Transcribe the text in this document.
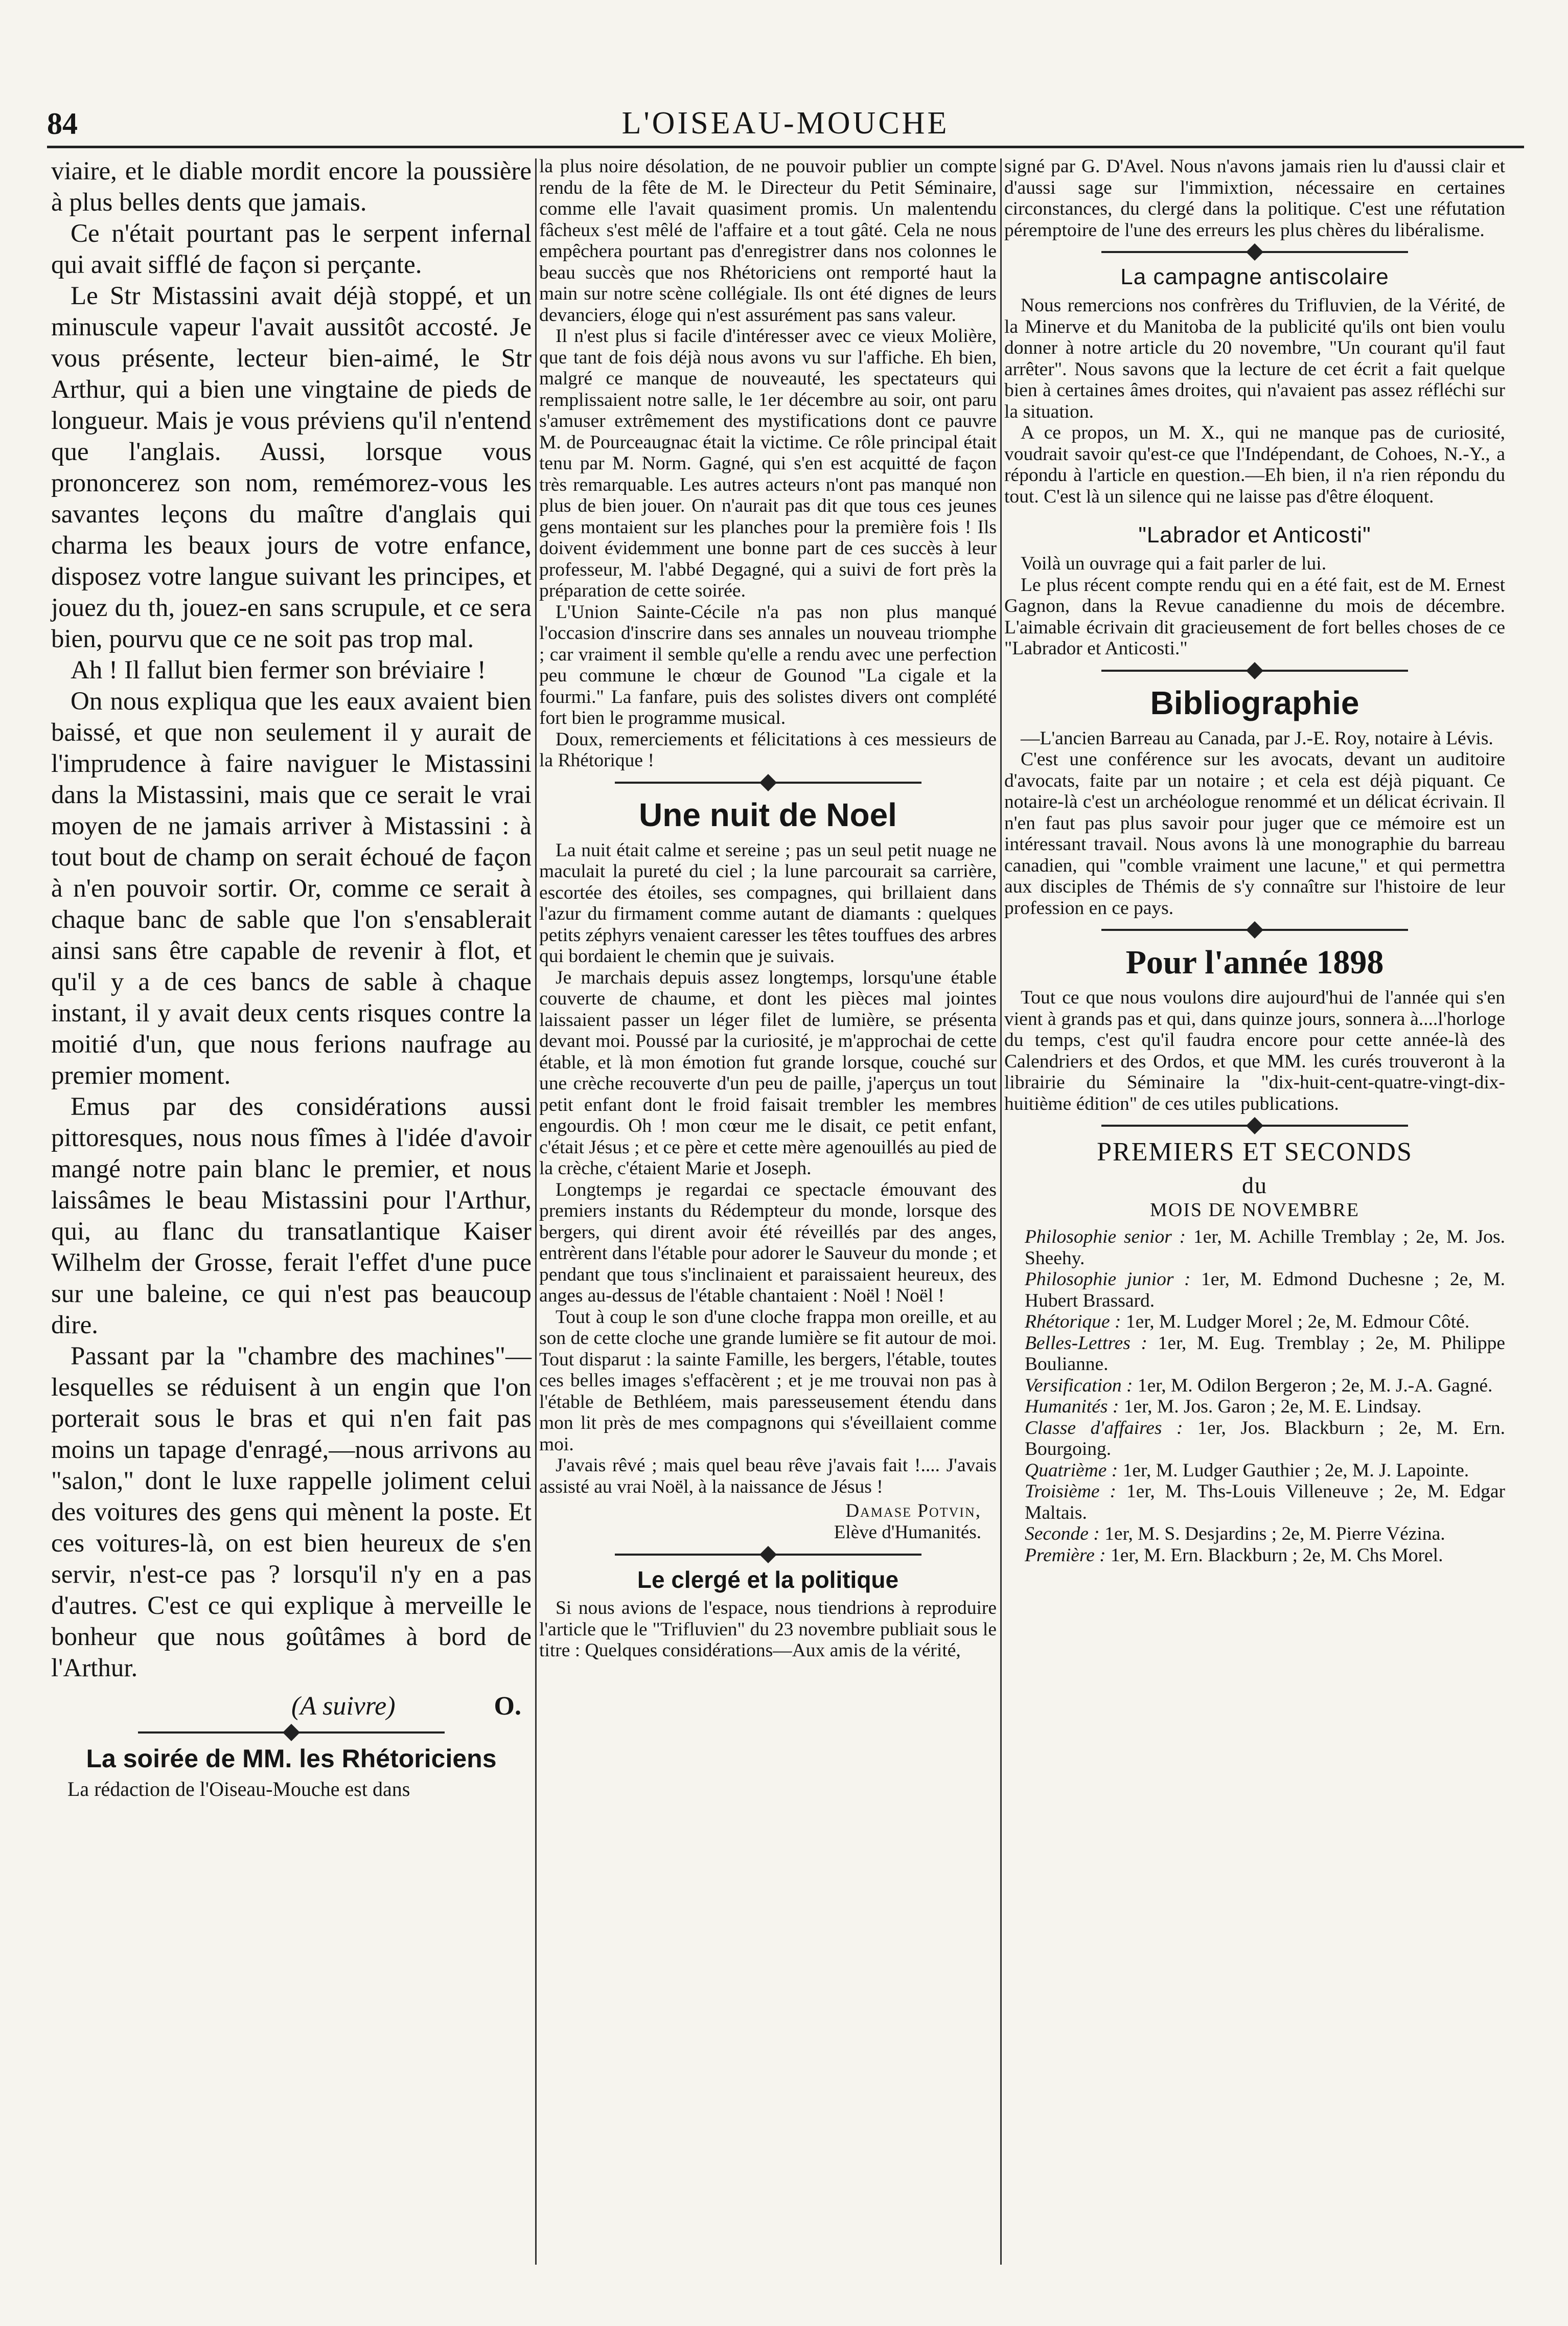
84	L'OISEAU-MOUCHE

viaire, et le diable mordit encore la poussière à plus belles dents que jamais.

Ce n'était pourtant pas le serpent infernal qui avait sifflé de façon si perçante.

Le Str Mistassini avait déjà stoppé, et un minuscule vapeur l'avait aussitôt accosté. Je vous présente, lecteur bien-aimé, le Str Arthur, qui a bien une vingtaine de pieds de longueur. Mais je vous préviens qu'il n'entend que l'anglais. Aussi, lorsque vous prononcerez son nom, remémorez-vous les savantes leçons du maître d'anglais qui charma les beaux jours de votre enfance, disposez votre langue suivant les principes, et jouez du th, jouez-en sans scrupule, et ce sera bien, pourvu que ce ne soit pas trop mal.

Ah ! Il fallut bien fermer son bréviaire !

On nous expliqua que les eaux avaient bien baissé, et que non seulement il y aurait de l'imprudence à faire naviguer le Mistassini dans la Mistassini, mais que ce serait le vrai moyen de ne jamais arriver à Mistassini : à tout bout de champ on serait échoué de façon à n'en pouvoir sortir. Or, comme ce serait à chaque banc de sable que l'on s'ensablerait ainsi sans être capable de revenir à flot, et qu'il y a de ces bancs de sable à chaque instant, il y avait deux cents risques contre la moitié d'un, que nous ferions naufrage au premier moment.

Emus par des considérations aussi pittoresques, nous nous fîmes à l'idée d'avoir mangé notre pain blanc le premier, et nous laissâmes le beau Mistassini pour l'Arthur, qui, au flanc du transatlantique Kaiser Wilhelm der Grosse, ferait l'effet d'une puce sur une baleine, ce qui n'est pas beaucoup dire.

Passant par la "chambre des machines"—lesquelles se réduisent à un engin que l'on porterait sous le bras et qui n'en fait pas moins un tapage d'enragé,—nous arrivons au "salon," dont le luxe rappelle joliment celui des voitures des gens qui mènent la poste. Et ces voitures-là, on est bien heureux de s'en servir, n'est-ce pas ? lorsqu'il n'y en a pas d'autres. C'est ce qui explique à merveille le bonheur que nous goûtâmes à bord de l'Arthur.

(A suivre)	O.
La soirée de MM. les Rhétoriciens

La rédaction de l'Oiseau-Mouche est dans

la plus noire désolation, de ne pouvoir publier un compte rendu de la fête de M. le Directeur du Petit Séminaire, comme elle l'avait quasiment promis. Un malentendu fâcheux s'est mêlé de l'affaire et a tout gâté. Cela ne nous empêchera pourtant pas d'enregistrer dans nos colonnes le beau succès que nos Rhétoriciens ont remporté haut la main sur notre scène collégiale. Ils ont été dignes de leurs devanciers, éloge qui n'est assurément pas sans valeur.

Il n'est plus si facile d'intéresser avec ce vieux Molière, que tant de fois déjà nous avons vu sur l'affiche. Eh bien, malgré ce manque de nouveauté, les spectateurs qui remplissaient notre salle, le 1er décembre au soir, ont paru s'amuser extrêmement des mystifications dont ce pauvre M. de Pourceaugnac était la victime. Ce rôle principal était tenu par M. Norm. Gagné, qui s'en est acquitté de façon très remarquable. Les autres acteurs n'ont pas manqué non plus de bien jouer. On n'aurait pas dit que tous ces jeunes gens montaient sur les planches pour la première fois ! Ils doivent évidemment une bonne part de ces succès à leur professeur, M. l'abbé Degagné, qui a suivi de fort près la préparation de cette soirée.

L'Union Sainte-Cécile n'a pas non plus manqué l'occasion d'inscrire dans ses annales un nouveau triomphe ; car vraiment il semble qu'elle a rendu avec une perfection peu commune le chœur de Gounod "La cigale et la fourmi." La fanfare, puis des solistes divers ont complété fort bien le programme musical.

Doux, remerciements et félicitations à ces messieurs de la Rhétorique !

Une nuit de Noel

La nuit était calme et sereine ; pas un seul petit nuage ne maculait la pureté du ciel ; la lune parcourait sa carrière, escortée des étoiles, ses compagnes, qui brillaient dans l'azur du firmament comme autant de diamants : quelques petits zéphyrs venaient caresser les têtes touffues des arbres qui bordaient le chemin que je suivais.

Je marchais depuis assez longtemps, lorsqu'une étable couverte de chaume, et dont les pièces mal jointes laissaient passer un léger filet de lumière, se présenta devant moi. Poussé par la curiosité, je m'approchai de cette étable, et là mon émotion fut grande lorsque, couché sur une crèche recouverte d'un peu de paille, j'aperçus un tout petit enfant dont le froid faisait trembler les membres engourdis. Oh ! mon cœur me le disait, ce petit enfant, c'était Jésus ; et ce père et cette mère agenouillés au pied de la crèche, c'étaient Marie et Joseph.

Longtemps je regardai ce spectacle émouvant des premiers instants du Rédempteur du monde, lorsque des bergers, qui dirent avoir été réveillés par des anges, entrèrent dans l'étable pour adorer le Sauveur du monde ; et pendant que tous s'inclinaient et paraissaient heureux, des anges au-dessus de l'étable chantaient : Noël ! Noël !

Tout à coup le son d'une cloche frappa mon oreille, et au son de cette cloche une grande lumière se fit autour de moi. Tout disparut : la sainte Famille, les bergers, l'étable, toutes ces belles images s'effacèrent ; et je me trouvai non pas à l'étable de Bethléem, mais paresseusement étendu dans mon lit près de mes compagnons qui s'éveillaient comme moi.

J'avais rêvé ; mais quel beau rêve j'avais fait !.... J'avais assisté au vrai Noël, à la naissance de Jésus !

Damase Potvin,
Elève d'Humanités.
Le clergé et la politique

Si nous avions de l'espace, nous tiendrions à reproduire l'article que le "Trifluvien" du 23 novembre publiait sous le titre : Quelques considérations—Aux amis de la vérité,

signé par G. D'Avel. Nous n'avons jamais rien lu d'aussi clair et d'aussi sage sur l'immixtion, nécessaire en certaines circonstances, du clergé dans la politique. C'est une réfutation péremptoire de l'une des erreurs les plus chères du libéralisme.

La campagne antiscolaire

Nous remercions nos confrères du Trifluvien, de la Vérité, de la Minerve et du Manitoba de la publicité qu'ils ont bien voulu donner à notre article du 20 novembre, "Un courant qu'il faut arrêter". Nous savons que la lecture de cet écrit a fait quelque bien à certaines âmes droites, qui n'avaient pas assez réfléchi sur la situation.

A ce propos, un M. X., qui ne manque pas de curiosité, voudrait savoir qu'est-ce que l'Indépendant, de Cohoes, N.-Y., a répondu à l'article en question.—Eh bien, il n'a rien répondu du tout. C'est là un silence qui ne laisse pas d'être éloquent.

"Labrador et Anticosti"

Voilà un ouvrage qui a fait parler de lui.

Le plus récent compte rendu qui en a été fait, est de M. Ernest Gagnon, dans la Revue canadienne du mois de décembre. L'aimable écrivain dit gracieusement de fort belles choses de ce "Labrador et Anticosti."

Bibliographie

—L'ancien Barreau au Canada, par J.-E. Roy, notaire à Lévis.

C'est une conférence sur les avocats, devant un auditoire d'avocats, faite par un notaire ; et cela est déjà piquant. Ce notaire-là c'est un archéologue renommé et un délicat écrivain. Il n'en faut pas plus savoir pour juger que ce mémoire est un intéressant travail. Nous avons là une monographie du barreau canadien, qui "comble vraiment une lacune," et qui permettra aux disciples de Thémis de s'y connaître sur l'histoire de leur profession en ce pays.

Pour l'année 1898

Tout ce que nous voulons dire aujourd'hui de l'année qui s'en vient à grands pas et qui, dans quinze jours, sonnera à....l'horloge du temps, c'est qu'il faudra encore pour cette année-là des Calendriers et des Ordos, et que MM. les curés trouveront à la librairie du Séminaire la "dix-huit-cent-quatre-vingt-dix-huitième édition" de ces utiles publications.

PREMIERS ET SECONDS
du
MOIS DE NOVEMBRE

Philosophie senior : 1er, M. Achille Tremblay ; 2e, M. Jos. Sheehy.

Philosophie junior : 1er, M. Edmond Duchesne ; 2e, M. Hubert Brassard.

Rhétorique : 1er, M. Ludger Morel ; 2e, M. Edmour Côté.

Belles-Lettres : 1er, M. Eug. Tremblay ; 2e, M. Philippe Boulianne.

Versification : 1er, M. Odilon Bergeron ; 2e, M. J.-A. Gagné.

Humanités : 1er, M. Jos. Garon ; 2e, M. E. Lindsay.

Classe d'affaires : 1er, Jos. Blackburn ; 2e, M. Ern. Bourgoing.

Quatrième : 1er, M. Ludger Gauthier ; 2e, M. J. Lapointe.

Troisième : 1er, M. Ths-Louis Villeneuve ; 2e, M. Edgar Maltais.

Seconde : 1er, M. S. Desjardins ; 2e, M. Pierre Vézina.

Première : 1er, M. Ern. Blackburn ; 2e, M. Chs Morel.
